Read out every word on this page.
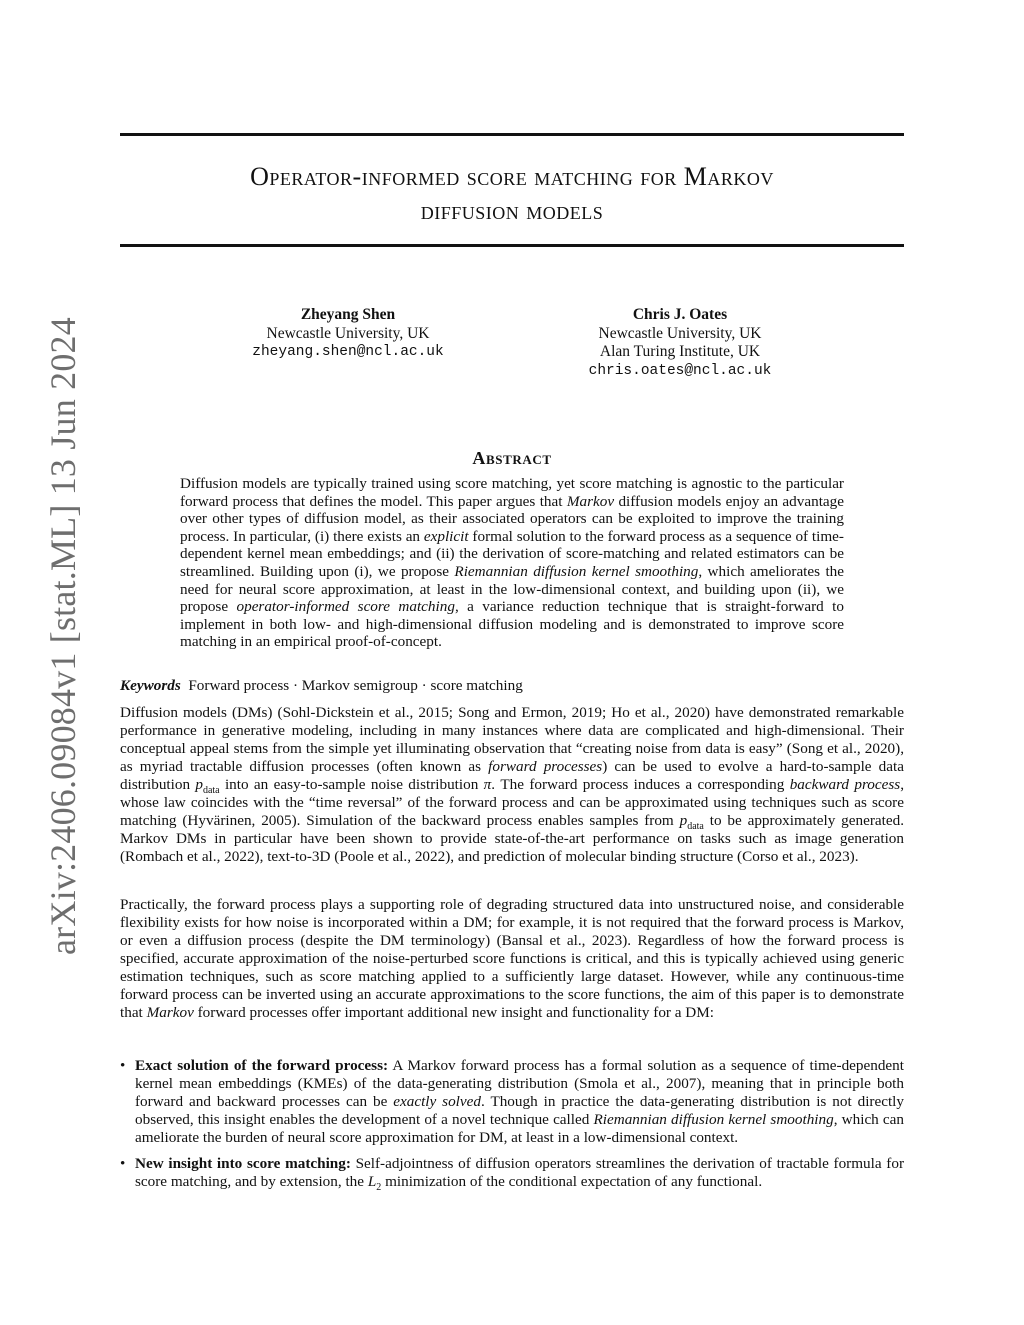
arXiv:2406.09084v1 [stat.ML] 13 Jun 2024
Operator-informed score matching for Markov
diffusion models
Zheyang Shen
Newcastle University, UK
zheyang.shen@ncl.ac.uk
Chris J. Oates
Newcastle University, UK
Alan Turing Institute, UK
chris.oates@ncl.ac.uk
Abstract
Diffusion models are typically trained using score matching, yet score matching is agnostic to the particular forward process that defines the model. This paper argues that Markov diffusion models enjoy an advantage over other types of diffusion model, as their associated operators can be exploited to improve the training process. In particular, (i) there exists an explicit formal solution to the forward process as a sequence of time-dependent kernel mean embeddings; and (ii) the derivation of score-matching and related estimators can be streamlined. Building upon (i), we propose Riemannian diffusion kernel smoothing, which ameliorates the need for neural score approximation, at least in the low-dimensional context, and building upon (ii), we propose operator-informed score matching, a variance reduction technique that is straight-forward to implement in both low- and high-dimensional diffusion modeling and is demonstrated to improve score matching in an empirical proof-of-concept.
Keywords Forward process · Markov semigroup · score matching
Diffusion models (DMs) (Sohl-Dickstein et al., 2015; Song and Ermon, 2019; Ho et al., 2020) have demonstrated remarkable performance in generative modeling, including in many instances where data are complicated and high-dimensional. Their conceptual appeal stems from the simple yet illuminating observation that “creating noise from data is easy” (Song et al., 2020), as myriad tractable diffusion processes (often known as forward processes) can be used to evolve a hard-to-sample data distribution $p_{data}$ into an easy-to-sample noise distribution π. The forward process induces a corresponding backward process, whose law coincides with the “time reversal” of the forward process and can be approximated using techniques such as score matching (Hyvärinen, 2005). Simulation of the backward process enables samples from $p_{data}$ to be approximately generated. Markov DMs in particular have been shown to provide state-of-the-art performance on tasks such as image generation (Rombach et al., 2022), text-to-3D (Poole et al., 2022), and prediction of molecular binding structure (Corso et al., 2023).
Practically, the forward process plays a supporting role of degrading structured data into unstructured noise, and considerable flexibility exists for how noise is incorporated within a DM; for example, it is not required that the forward process is Markov, or even a diffusion process (despite the DM terminology) (Bansal et al., 2023). Regardless of how the forward process is specified, accurate approximation of the noise-perturbed score functions is critical, and this is typically achieved using generic estimation techniques, such as score matching applied to a sufficiently large dataset. However, while any continuous-time forward process can be inverted using an accurate approximations to the score functions, the aim of this paper is to demonstrate that Markov forward processes offer important additional new insight and functionality for a DM:
• Exact solution of the forward process: A Markov forward process has a formal solution as a sequence of time-dependent kernel mean embeddings (KMEs) of the data-generating distribution (Smola et al., 2007), meaning that in principle both forward and backward processes can be exactly solved. Though in practice the data-generating distribution is not directly observed, this insight enables the development of a novel technique called Riemannian diffusion kernel smoothing, which can ameliorate the burden of neural score approximation for DM, at least in a low-dimensional context.
• New insight into score matching: Self-adjointness of diffusion operators streamlines the derivation of tractable formula for score matching, and by extension, the $L_2$ minimization of the conditional expectation of any functional.
